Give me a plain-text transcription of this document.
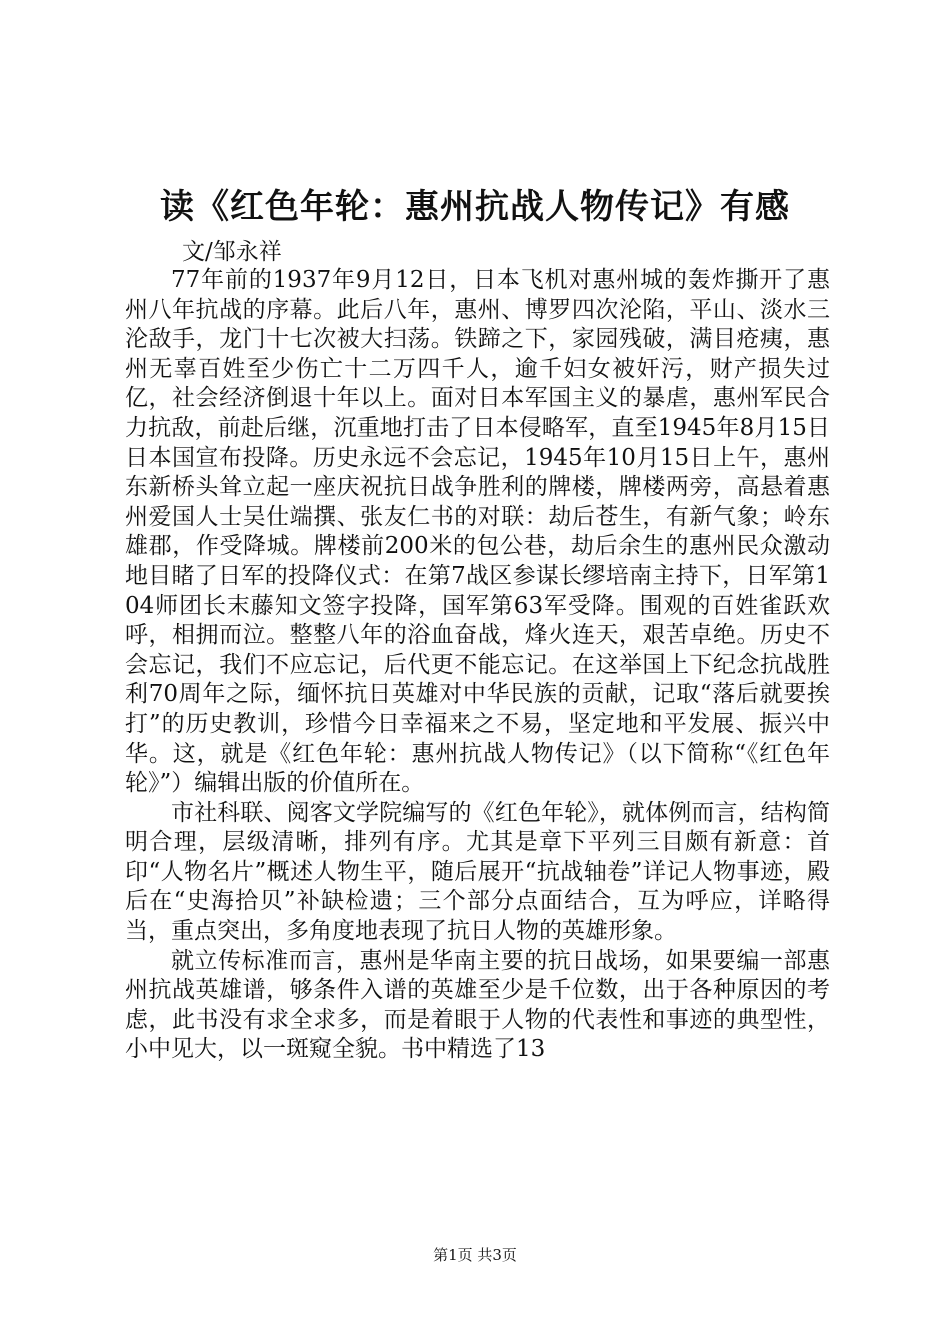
读《红色年轮：惠州抗战人物传记》有感

文/邹永祥

77年前的1937年9月12日，日本飞机对惠州城的轰炸撕开了惠州八年抗战的序幕。此后八年，惠州、博罗四次沦陷，平山、淡水三沦敌手，龙门十七次被大扫荡。铁蹄之下，家园残破，满目疮痍，惠州无辜百姓至少伤亡十二万四千人，逾千妇女被奸污，财产损失过亿，社会经济倒退十年以上。面对日本军国主义的暴虐，惠州军民合力抗敌，前赴后继，沉重地打击了日本侵略军，直至1945年8月15日日本国宣布投降。历史永远不会忘记，1945年10月15日上午，惠州东新桥头耸立起一座庆祝抗日战争胜利的牌楼，牌楼两旁，高悬着惠州爱国人士吴仕端撰、张友仁书的对联：劫后苍生，有新气象；岭东雄郡，作受降城。牌楼前200米的包公巷，劫后余生的惠州民众激动地目睹了日军的投降仪式：在第7战区参谋长缪培南主持下，日军第104师团长末藤知文签字投降，国军第63军受降。围观的百姓雀跃欢呼，相拥而泣。整整八年的浴血奋战，烽火连天，艰苦卓绝。历史不会忘记，我们不应忘记，后代更不能忘记。在这举国上下纪念抗战胜利70周年之际，缅怀抗日英雄对中华民族的贡献，记取“落后就要挨打”的历史教训，珍惜今日幸福来之不易，坚定地和平发展、振兴中华。这，就是《红色年轮：惠州抗战人物传记》（以下简称“《红色年轮》”）编辑出版的价值所在。

市社科联、阅客文学院编写的《红色年轮》，就体例而言，结构简明合理，层级清晰，排列有序。尤其是章下平列三目颇有新意：首印“人物名片”概述人物生平，随后展开“抗战轴卷”详记人物事迹，殿后在“史海拾贝”补缺检遗；三个部分点面结合，互为呼应，详略得当，重点突出，多角度地表现了抗日人物的英雄形象。

就立传标准而言，惠州是华南主要的抗日战场，如果要编一部惠州抗战英雄谱，够条件入谱的英雄至少是千位数，出于各种原因的考虑，此书没有求全求多，而是着眼于人物的代表性和事迹的典型性，小中见大，以一斑窥全貌。书中精选了13

第1页 共3页
